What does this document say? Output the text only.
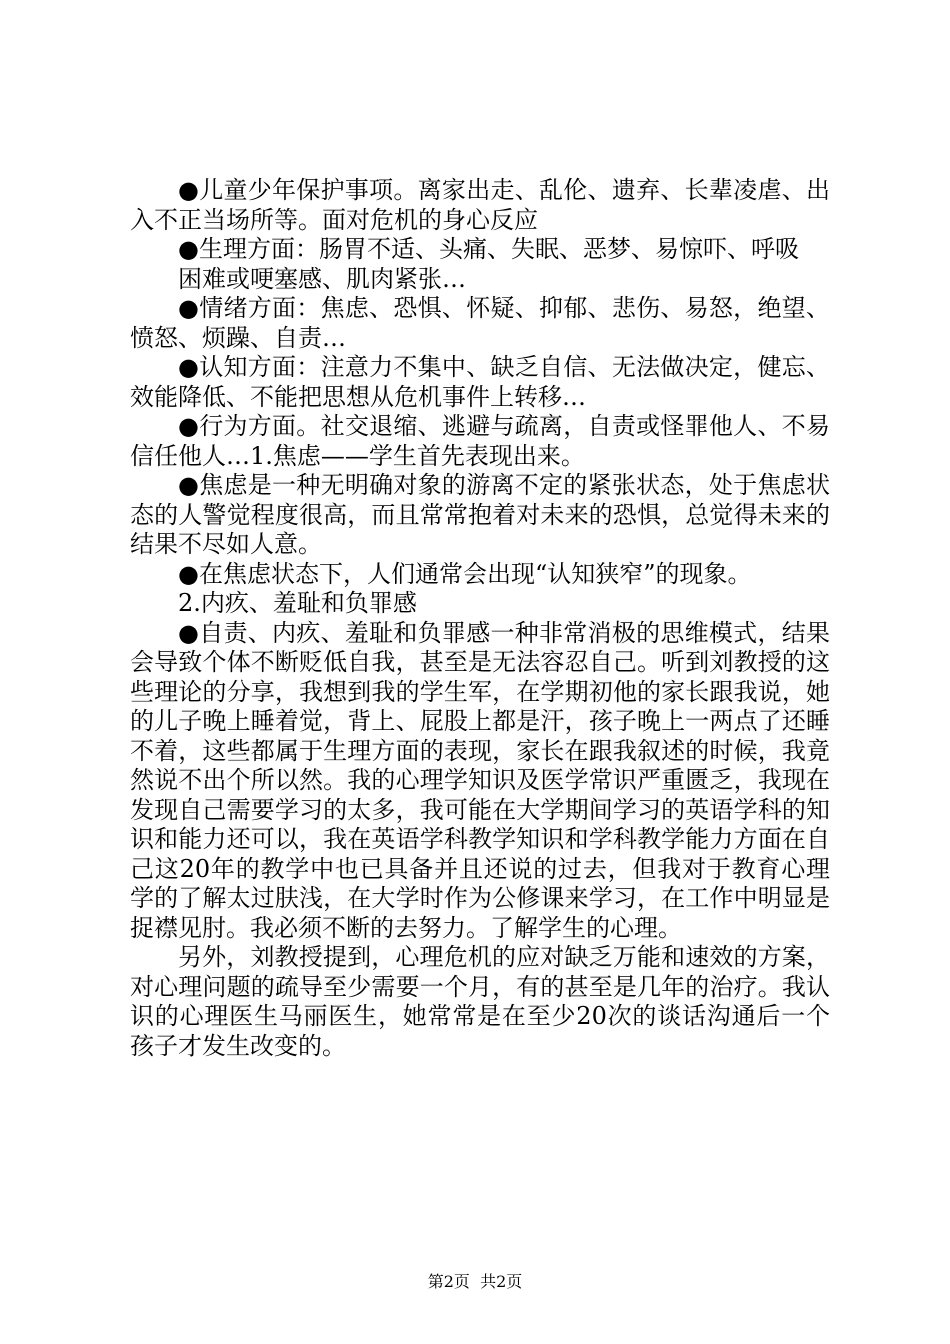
●儿童少年保护事项。离家出走、乱伦、遗弃、长辈凌虐、出入不正当场所等。面对危机的身心反应

●生理方面：肠胃不适、头痛、失眠、恶梦、易惊吓、呼吸

困难或哽塞感、肌肉紧张…

●情绪方面：焦虑、恐惧、怀疑、抑郁、悲伤、易怒，绝望、愤怒、烦躁、自责…

●认知方面：注意力不集中、缺乏自信、无法做决定，健忘、效能降低、不能把思想从危机事件上转移…

●行为方面。社交退缩、逃避与疏离，自责或怪罪他人、不易信任他人…1.焦虑——学生首先表现出来。

●焦虑是一种无明确对象的游离不定的紧张状态，处于焦虑状态的人警觉程度很高，而且常常抱着对未来的恐惧，总觉得未来的结果不尽如人意。

●在焦虑状态下，人们通常会出现“认知狭窄”的现象。

2.内疚、羞耻和负罪感

●自责、内疚、羞耻和负罪感一种非常消极的思维模式，结果会导致个体不断贬低自我，甚至是无法容忍自己。听到刘教授的这些理论的分享，我想到我的学生军，在学期初他的家长跟我说，她的儿子晚上睡着觉，背上、屁股上都是汗，孩子晚上一两点了还睡不着，这些都属于生理方面的表现，家长在跟我叙述的时候，我竟然说不出个所以然。我的心理学知识及医学常识严重匮乏，我现在发现自己需要学习的太多，我可能在大学期间学习的英语学科的知识和能力还可以，我在英语学科教学知识和学科教学能力方面在自己这20年的教学中也已具备并且还说的过去，但我对于教育心理学的了解太过肤浅，在大学时作为公修课来学习，在工作中明显是捉襟见肘。我必须不断的去努力。了解学生的心理。

另外，刘教授提到，心理危机的应对缺乏万能和速效的方案，对心理问题的疏导至少需要一个月，有的甚至是几年的治疗。我认识的心理医生马丽医生，她常常是在至少20次的谈话沟通后一个孩子才发生改变的。

第2页 共2页
